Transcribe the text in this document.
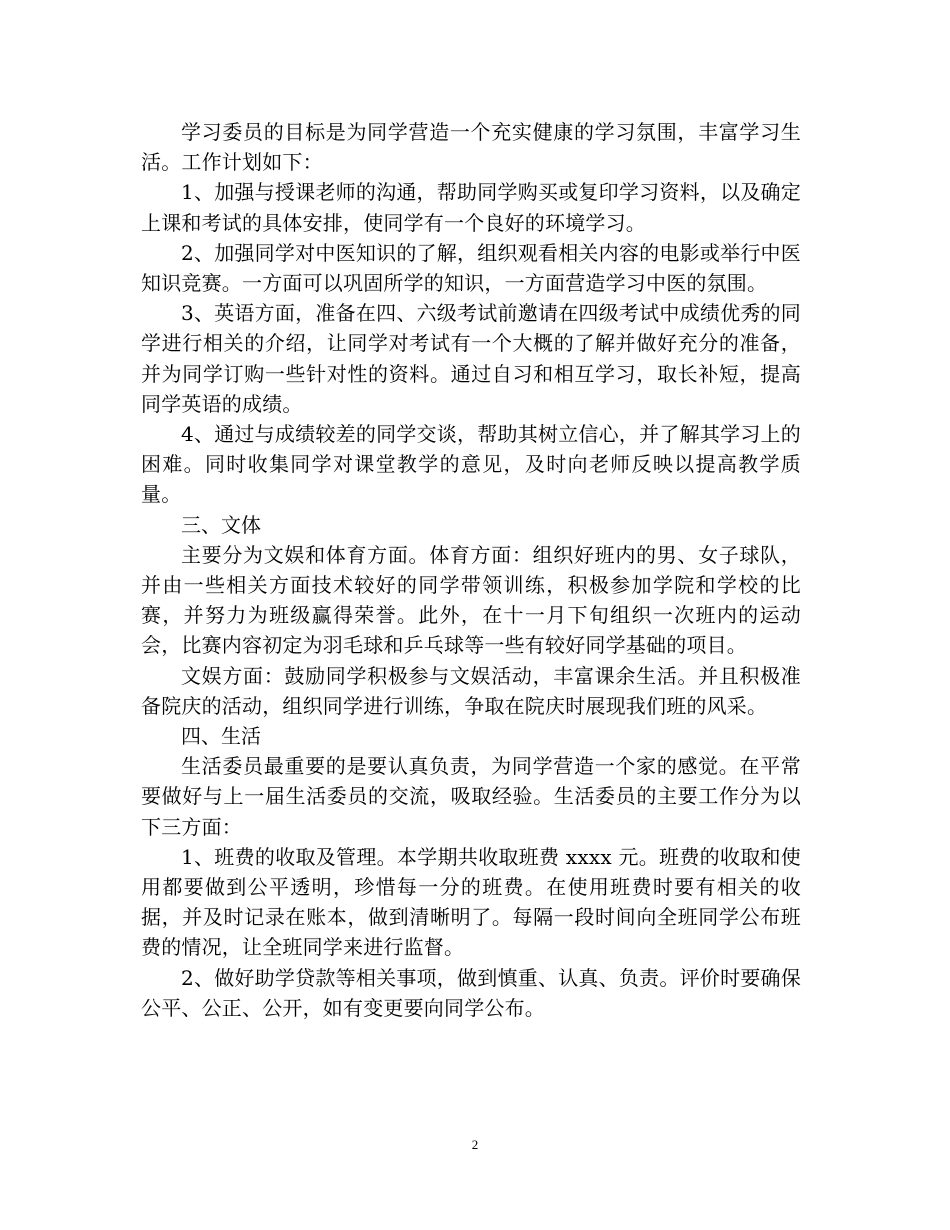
学习委员的目标是为同学营造一个充实健康的学习氛围，丰富学习生活。工作计划如下：

1、加强与授课老师的沟通，帮助同学购买或复印学习资料，以及确定上课和考试的具体安排，使同学有一个良好的环境学习。

2、加强同学对中医知识的了解，组织观看相关内容的电影或举行中医知识竞赛。一方面可以巩固所学的知识，一方面营造学习中医的氛围。

3、英语方面，准备在四、六级考试前邀请在四级考试中成绩优秀的同学进行相关的介绍，让同学对考试有一个大概的了解并做好充分的准备，并为同学订购一些针对性的资料。通过自习和相互学习，取长补短，提高同学英语的成绩。

4、通过与成绩较差的同学交谈，帮助其树立信心，并了解其学习上的困难。同时收集同学对课堂教学的意见，及时向老师反映以提高教学质量。

三、文体

主要分为文娱和体育方面。体育方面：组织好班内的男、女子球队，并由一些相关方面技术较好的同学带领训练，积极参加学院和学校的比赛，并努力为班级赢得荣誉。此外，在十一月下旬组织一次班内的运动会，比赛内容初定为羽毛球和乒乓球等一些有较好同学基础的项目。

文娱方面：鼓励同学积极参与文娱活动，丰富课余生活。并且积极准备院庆的活动，组织同学进行训练，争取在院庆时展现我们班的风采。

四、生活

生活委员最重要的是要认真负责，为同学营造一个家的感觉。在平常要做好与上一届生活委员的交流，吸取经验。生活委员的主要工作分为以下三方面：

1、班费的收取及管理。本学期共收取班费 xxxx 元。班费的收取和使用都要做到公平透明，珍惜每一分的班费。在使用班费时要有相关的收据，并及时记录在账本，做到清晰明了。每隔一段时间向全班同学公布班费的情况，让全班同学来进行监督。

2、做好助学贷款等相关事项，做到慎重、认真、负责。评价时要确保公平、公正、公开，如有变更要向同学公布。

2
